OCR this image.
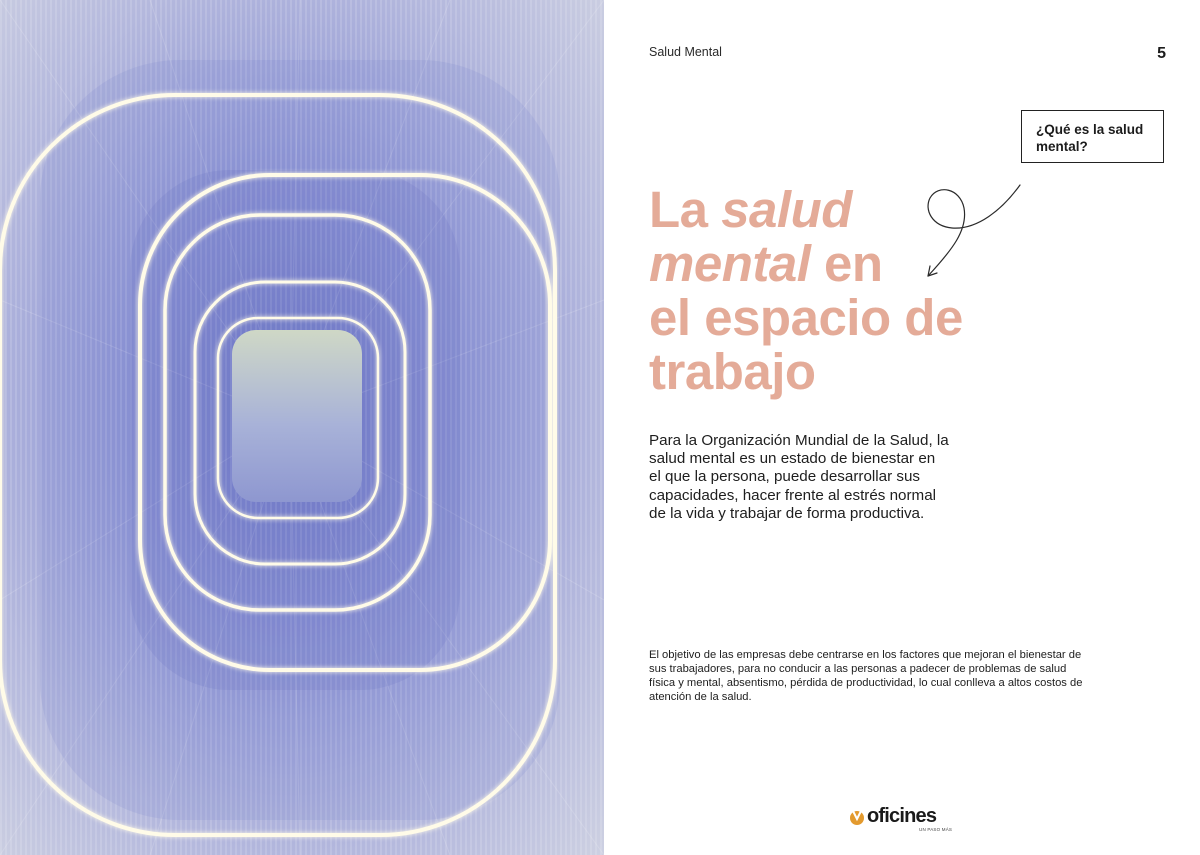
Salud Mental	5
¿Qué es la salud mental?
La salud
mental en
el espacio de
trabajo

Para la Organización Mundial de la Salud, la salud mental es un estado de bienestar en el que la persona, puede desarrollar sus capacidades, hacer frente al estrés normal de la vida y trabajar de forma productiva.

El objetivo de las empresas debe centrarse en los factores que mejoran el bienestar de sus trabajadores, para no conducir a las personas a padecer de problemas de salud física y mental, absentismo, pérdida de productividad, lo cual conlleva a altos costos de atención de la salud.

oficines
UN PASO MÁS
